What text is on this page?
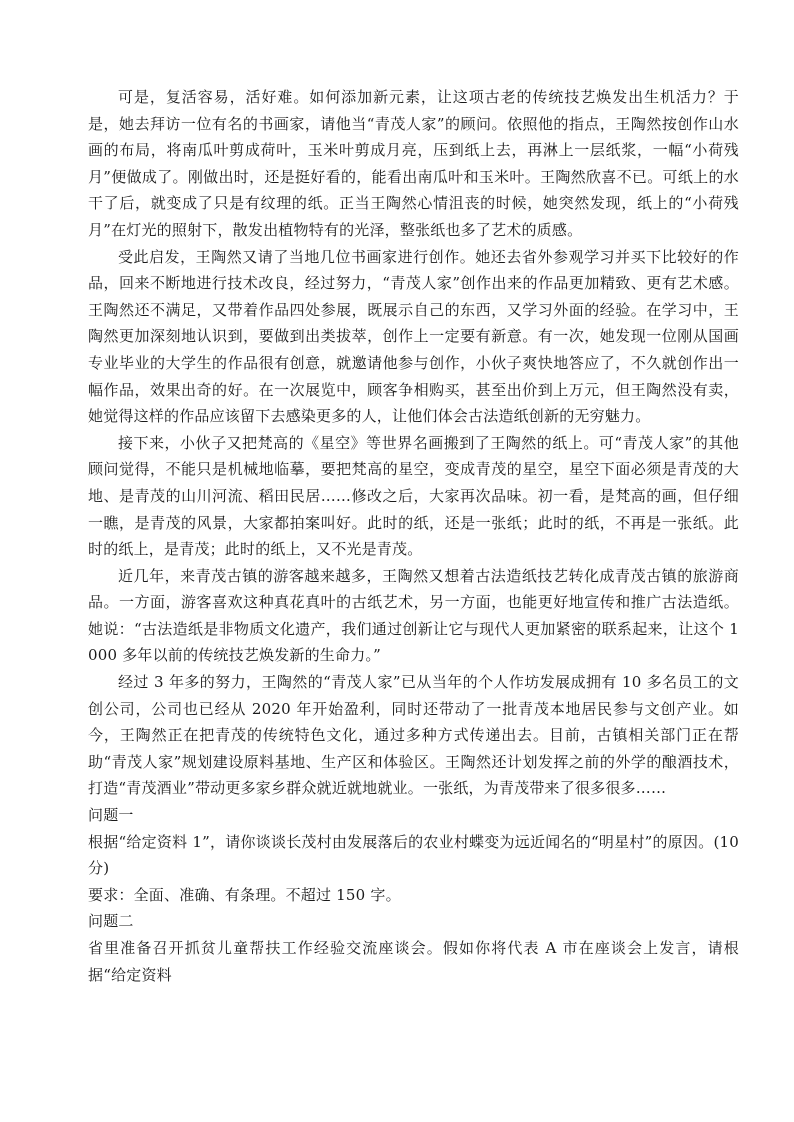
可是，复活容易，活好难。如何添加新元素，让这项古老的传统技艺焕发出生机活力？于是，她去拜访一位有名的书画家，请他当“青茂人家”的顾问。依照他的指点，王陶然按创作山水画的布局，将南瓜叶剪成荷叶，玉米叶剪成月亮，压到纸上去，再淋上一层纸浆，一幅“小荷残月”便做成了。刚做出时，还是挺好看的，能看出南瓜叶和玉米叶。王陶然欣喜不已。可纸上的水干了后，就变成了只是有纹理的纸。正当王陶然心情沮丧的时候，她突然发现，纸上的“小荷残月”在灯光的照射下，散发出植物特有的光泽，整张纸也多了艺术的质感。

受此启发，王陶然又请了当地几位书画家进行创作。她还去省外参观学习并买下比较好的作品，回来不断地进行技术改良，经过努力，“青茂人家”创作出来的作品更加精致、更有艺术感。王陶然还不满足，又带着作品四处参展，既展示自己的东西，又学习外面的经验。在学习中，王陶然更加深刻地认识到，要做到出类拔萃，创作上一定要有新意。有一次，她发现一位刚从国画专业毕业的大学生的作品很有创意，就邀请他参与创作，小伙子爽快地答应了，不久就创作出一幅作品，效果出奇的好。在一次展览中，顾客争相购买，甚至出价到上万元，但王陶然没有卖，她觉得这样的作品应该留下去感染更多的人，让他们体会古法造纸创新的无穷魅力。

接下来，小伙子又把梵高的《星空》等世界名画搬到了王陶然的纸上。可“青茂人家”的其他顾问觉得，不能只是机械地临摹，要把梵高的星空，变成青茂的星空，星空下面必须是青茂的大地、是青茂的山川河流、稻田民居……修改之后，大家再次品味。初一看，是梵高的画，但仔细一瞧，是青茂的风景，大家都拍案叫好。此时的纸，还是一张纸；此时的纸，不再是一张纸。此时的纸上，是青茂；此时的纸上，又不光是青茂。

近几年，来青茂古镇的游客越来越多，王陶然又想着古法造纸技艺转化成青茂古镇的旅游商品。一方面，游客喜欢这种真花真叶的古纸艺术，另一方面，也能更好地宣传和推广古法造纸。她说：“古法造纸是非物质文化遗产，我们通过创新让它与现代人更加紧密的联系起来，让这个 1000 多年以前的传统技艺焕发新的生命力。”

经过 3 年多的努力，王陶然的“青茂人家”已从当年的个人作坊发展成拥有 10 多名员工的文创公司，公司也已经从 2020 年开始盈利，同时还带动了一批青茂本地居民参与文创产业。如今，王陶然正在把青茂的传统特色文化，通过多种方式传递出去。目前，古镇相关部门正在帮助“青茂人家”规划建设原料基地、生产区和体验区。王陶然还计划发挥之前的外学的酿酒技术，打造“青茂酒业”带动更多家乡群众就近就地就业。一张纸，为青茂带来了很多很多……

问题一

根据“给定资料 1”，请你谈谈长茂村由发展落后的农业村蝶变为远近闻名的“明星村”的原因。(10 分)

要求：全面、准确、有条理。不超过 150 字。

问题二

省里准备召开抓贫儿童帮扶工作经验交流座谈会。假如你将代表 A 市在座谈会上发言，请根据“给定资料
